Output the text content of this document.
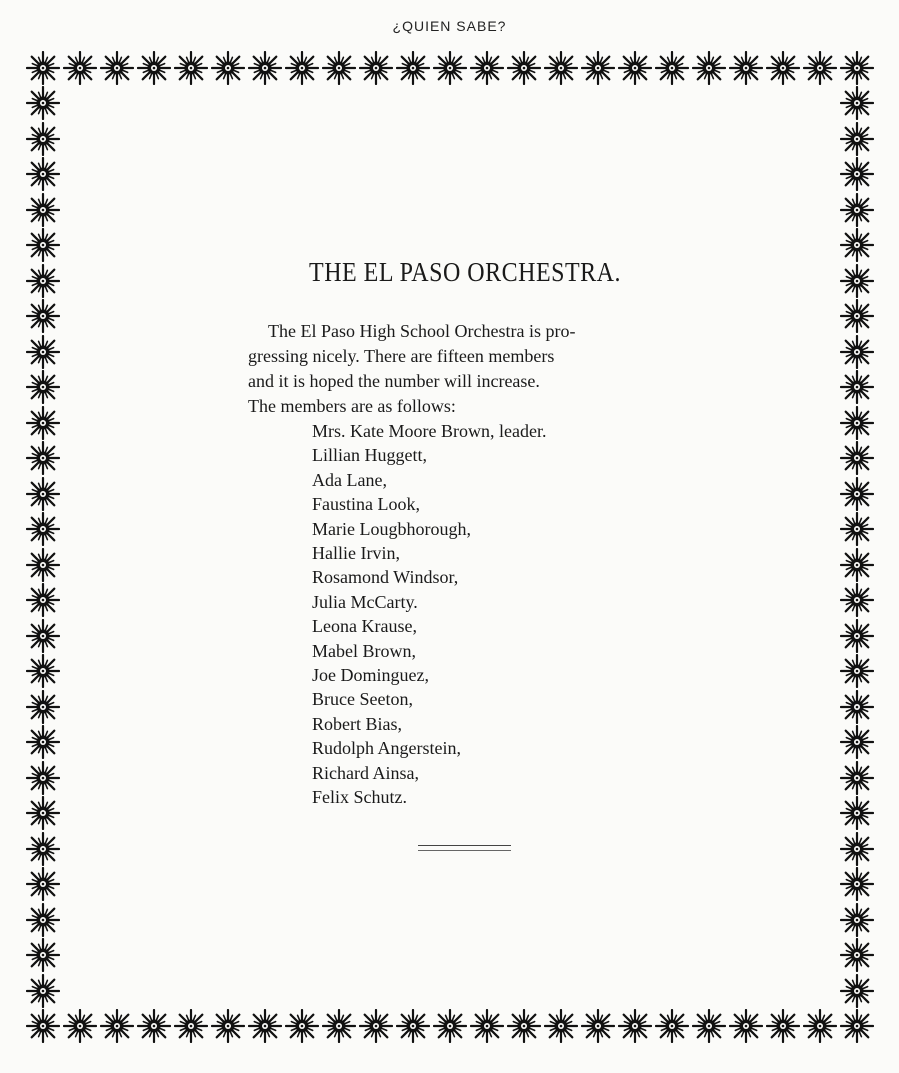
¿QUIEN SABE?
THE EL PASO ORCHESTRA.

The El Paso High School Orchestra is pro-
gressing nicely. There are fifteen members
and it is hoped the number will increase.
The members are as follows:

Mrs. Kate Moore Brown, leader.
Lillian Huggett,
Ada Lane,
Faustina Look,
Marie Lougbhorough,
Hallie Irvin,
Rosamond Windsor,
Julia McCarty.
Leona Krause,
Mabel Brown,
Joe Dominguez,
Bruce Seeton,
Robert Bias,
Rudolph Angerstein,
Richard Ainsa,
Felix Schutz.
